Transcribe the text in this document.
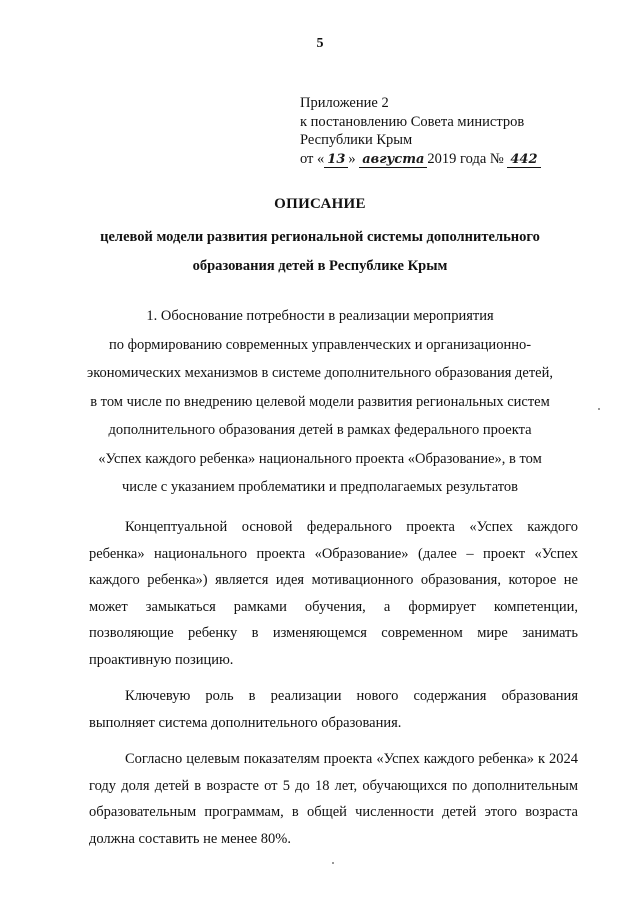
5
Приложение 2
к постановлению Совета министров
Республики Крым
от « 13 » августа 2019 года № 442
ОПИСАНИЕ
целевой модели развития региональной системы дополнительного образования детей в Республике Крым
1. Обоснование потребности в реализации мероприятия
по формированию современных управленческих и организационно-
экономических механизмов в системе дополнительного образования детей,
в том числе по внедрению целевой модели развития региональных систем
дополнительного образования детей в рамках федерального проекта
«Успех каждого ребенка» национального проекта «Образование», в том
числе с указанием проблематики и предполагаемых результатов

Концептуальной основой федерального проекта «Успех каждого ребенка» национального проекта «Образование» (далее – проект «Успех каждого ребенка») является идея мотивационного образования, которое не может замыкаться рамками обучения, а формирует компетенции, позволяющие ребенку в изменяющемся современном мире занимать проактивную позицию.

Ключевую роль в реализации нового содержания образования выполняет система дополнительного образования.

Согласно целевым показателям проекта «Успех каждого ребенка» к 2024 году доля детей в возрасте от 5 до 18 лет, обучающихся по дополнительным образовательным программам, в общей численности детей этого возраста должна составить не менее 80%.
